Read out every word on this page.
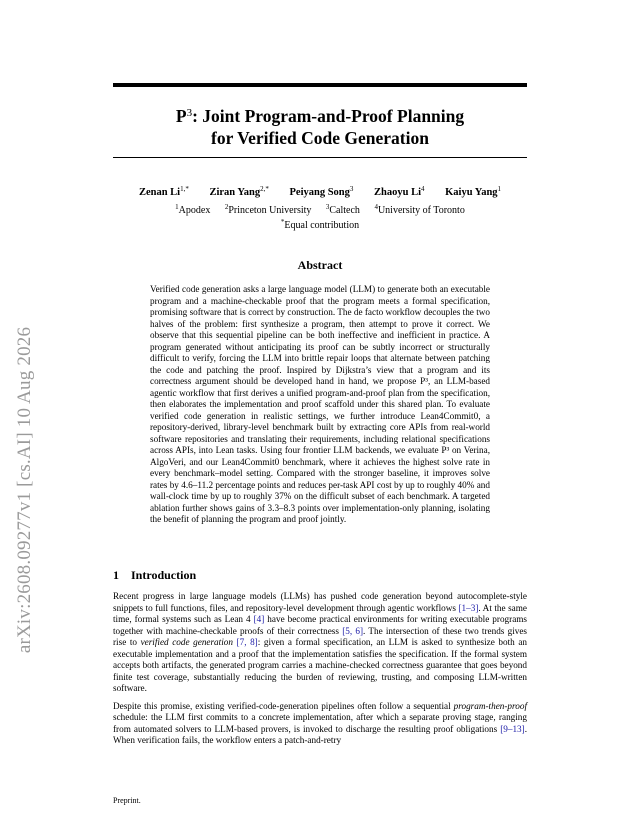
arXiv:2608.09277v1 [cs.AI] 10 Aug 2026
$P^3$: Joint Program-and-Proof Planning
for Verified Code Generation
Zenan $Li^{1,*}$ Ziran Yang$^{2,*}$ Peiyang Song$^3$ Zhaoyu Li$^4$ Kaiyu Yang$^1$
$^1$Apodex $^2$Princeton University $^3$Caltech $^4$University of Toronto
*Equal contribution
Abstract
Verified code generation asks a large language model (LLM) to generate both an executable program and a machine-checkable proof that the program meets a formal specification, promising software that is correct by construction. The de facto workflow decouples the two halves of the problem: first synthesize a program, then attempt to prove it correct. We observe that this sequential pipeline can be both ineffective and inefficient in practice. A program generated without anticipating its proof can be subtly incorrect or structurally difficult to verify, forcing the LLM into brittle repair loops that alternate between patching the code and patching the proof. Inspired by Dijkstra’s view that a program and its correctness argument should be developed hand in hand, we propose P³, an LLM-based agentic workflow that first derives a unified program-and-proof plan from the specification, then elaborates the implementation and proof scaffold under this shared plan. To evaluate verified code generation in realistic settings, we further introduce Lean4Commit0, a repository-derived, library-level benchmark built by extracting core APIs from real-world software repositories and translating their requirements, including relational specifications across APIs, into Lean tasks. Using four frontier LLM backends, we evaluate P³ on Verina, AlgoVeri, and our Lean4Commit0 benchmark, where it achieves the highest solve rate in every benchmark–model setting. Compared with the stronger baseline, it improves solve rates by 4.6–11.2 percentage points and reduces per-task API cost by up to roughly 40% and wall-clock time by up to roughly 37% on the difficult subset of each benchmark. A targeted ablation further shows gains of 3.3–8.3 points over implementation-only planning, isolating the benefit of planning the program and proof jointly.
1 Introduction

Recent progress in large language models (LLMs) has pushed code generation beyond autocomplete-style snippets to full functions, files, and repository-level development through agentic workflows [1–3]. At the same time, formal systems such as Lean 4 [4] have become practical environments for writing executable programs together with machine-checkable proofs of their correctness [5, 6]. The intersection of these two trends gives rise to verified code generation [7, 8]: given a formal specification, an LLM is asked to synthesize both an executable implementation and a proof that the implementation satisfies the specification. If the formal system accepts both artifacts, the generated program carries a machine-checked correctness guarantee that goes beyond finite test coverage, substantially reducing the burden of reviewing, trusting, and composing LLM-written software.

Despite this promise, existing verified-code-generation pipelines often follow a sequential program-then-proof schedule: the LLM first commits to a concrete implementation, after which a separate proving stage, ranging from automated solvers to LLM-based provers, is invoked to discharge the resulting proof obligations [9–13]. When verification fails, the workflow enters a patch-and-retry

Preprint.
